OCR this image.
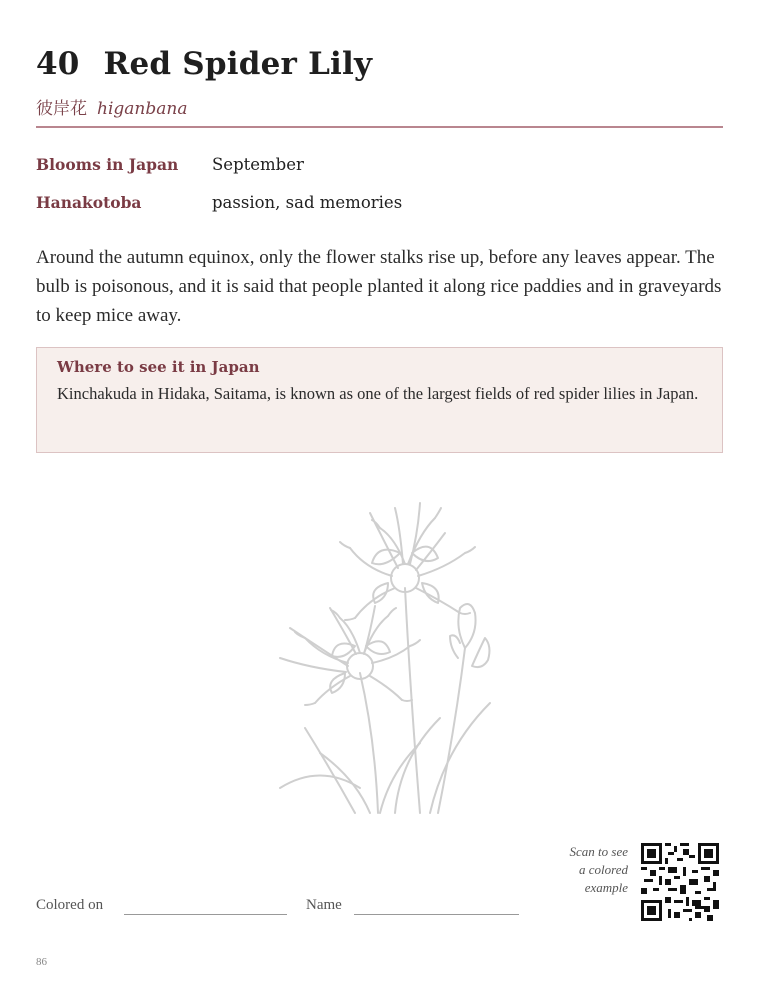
40 Red Spider Lily
彼岸花 higanbana
Blooms in Japan September
Hanakotoba	passion, sad memories

Around the autumn equinox, only the flower stalks rise up, before any leaves appear. The bulb is poisonous, and it is said that people planted it along rice paddies and in graveyards to keep mice away.

Where to see it in Japan
Kinchakuda in Hidaka, Saitama, is known as one of the largest fields of red spider lilies in Japan.
Colored on	Name
Scan to see
a colored
example
86
